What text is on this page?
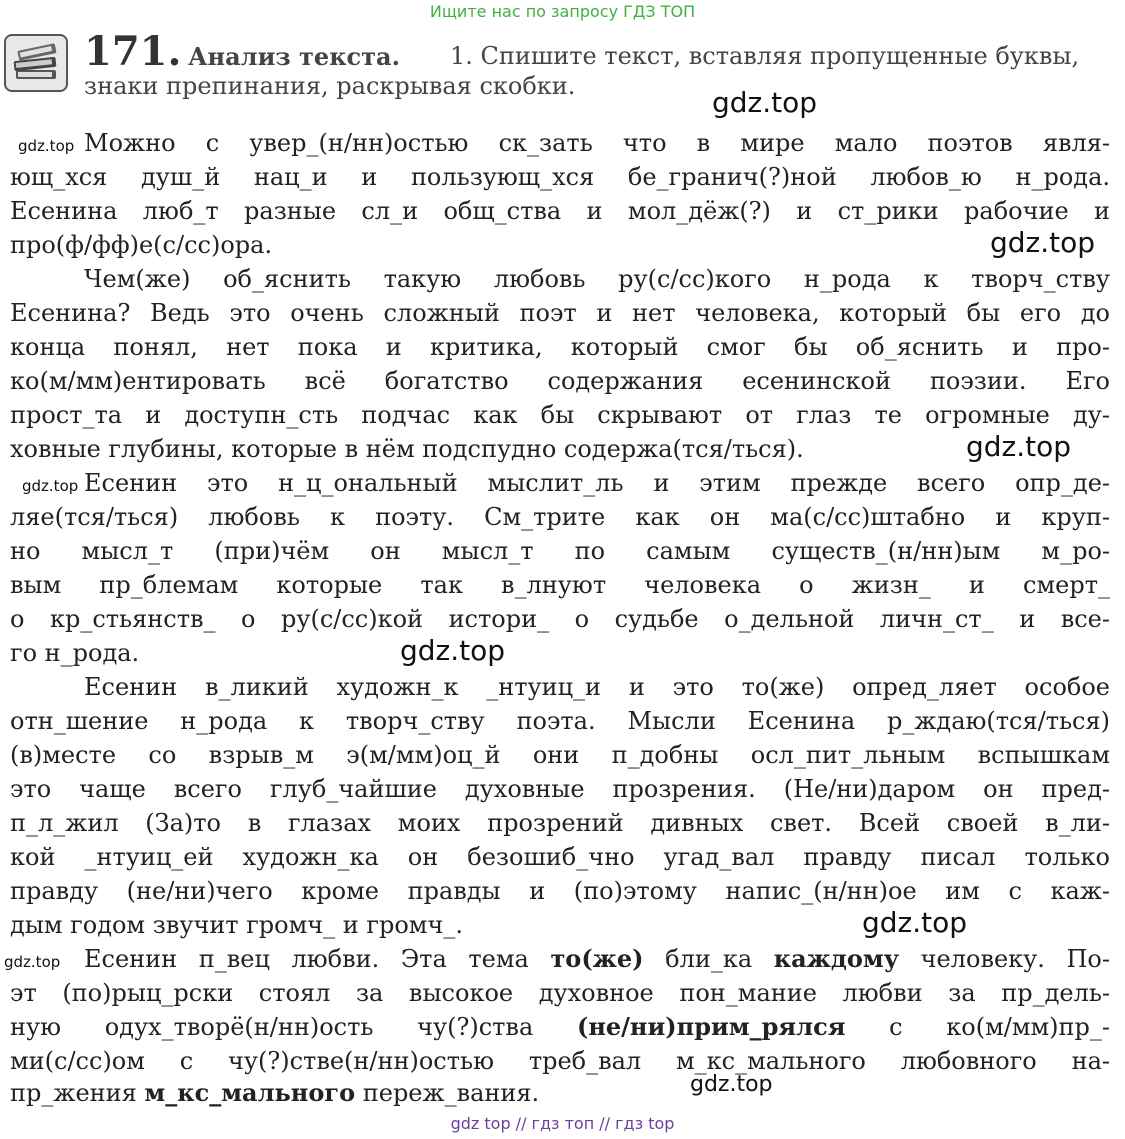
Ищите нас по запросу ГДЗ ТОП
171. Анализ текста.	1. Спишите текст, вставляя пропущенные буквы,
знаки препинания, раскрывая скобки.	gdz.top
gdz.top
gdz.top
gdz.top
gdz.top
gdz.top
gdz.top
gdz.top
gdz.top
Можно с увер_(н/нн)остью ск_зать что в мире мало поэтов явля-
ющ_хся душ_й нац_и и пользующ_хся бе_гранич(?)ной любов_ю н_рода.
Есенина люб_т разные сл_и общ_ства и мол_дёж(?) и ст_рики рабочие и
про(ф/фф)е(с/сс)ора.
Чем(же) об_яснить такую любовь ру(с/сс)кого н_рода к творч_ству
Есенина? Ведь это очень сложный поэт и нет человека, который бы его до
конца понял, нет пока и критика, который смог бы об_яснить и про-
ко(м/мм)ентировать всё богатство содержания есенинской поэзии. Его
прост_та и доступн_сть подчас как бы скрывают от глаз те огромные ду-
ховные глубины, которые в нём подспудно содержа(тся/ться).
Есенин это н_ц_ональный мыслит_ль и этим прежде всего опр_де-
ляе(тся/ться) любовь к поэту. См_трите как он ма(с/сс)штабно и круп-
но мысл_т (при)чём он мысл_т по самым существ_(н/нн)ым м_ро-
вым пр_блемам которые так в_лнуют человека о жизн_ и смерт_
о кр_стьянств_ о ру(с/сс)кой истори_ о судьбе о_дельной личн_ст_ и все-
го н_рода.
Есенин в_ликий художн_к _нтуиц_и и это то(же) опред_ляет особое
отн_шение н_рода к творч_ству поэта. Мысли Есенина р_ждаю(тся/ться)
(в)месте со взрыв_м э(м/мм)оц_й они п_добны осл_пит_льным вспышкам
это чаще всего глуб_чайшие духовные прозрения. (Не/ни)даром он пред-
п_л_жил (За)то в глазах моих прозрений дивных свет. Всей своей в_ли-
кой _нтуиц_ей художн_ка он безошиб_чно угад_вал правду писал только
правду (не/ни)чего кроме правды и (по)этому напис_(н/нн)ое им с каж-
дым годом звучит громч_ и громч_.
Есенин п_вец любви. Эта тема то(же) бли_ка каждому человеку. По-
эт (по)рыц_рски стоял за высокое духовное пон_мание любви за пр_дель-
ную одух_творё(н/нн)ость чу(?)ства (не/ни)прим_рялся с ко(м/мм)пр_-
ми(с/сс)ом с чу(?)стве(н/нн)остью треб_вал м_кс_мального любовного на-
пр_жения м_кс_мального переж_вания.
gdz top // гдз топ // гдз top
